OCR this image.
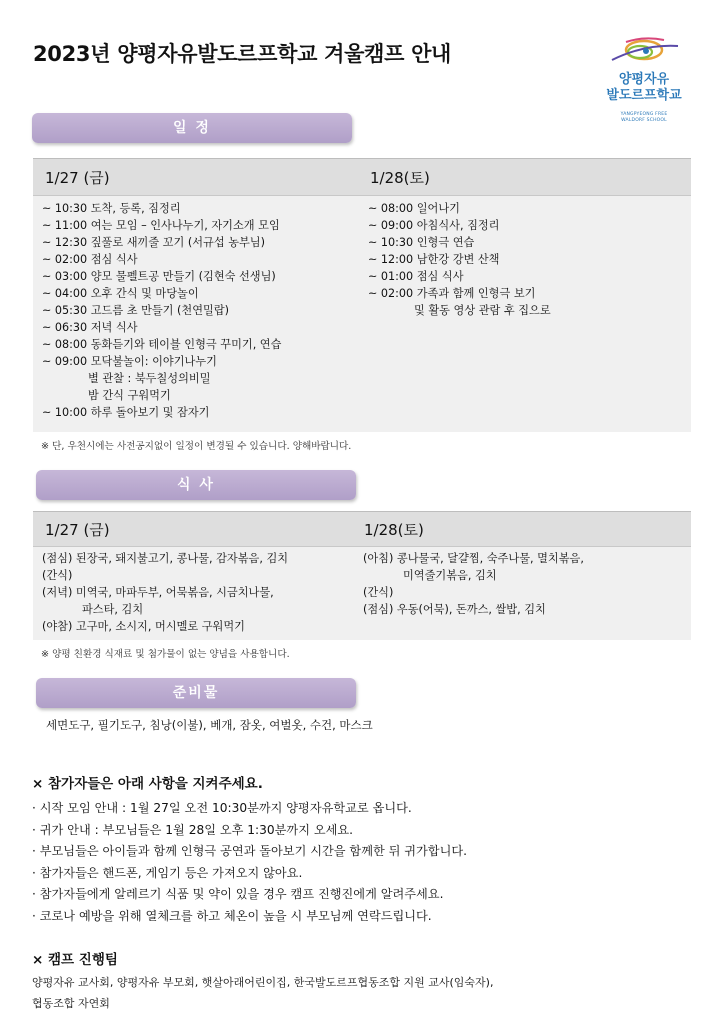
2023년 양평자유발도르프학교 겨울캠프 안내
양평자유
발도르프학교
YANGPYEONG FREE
WALDORF SCHOOL
일 정
1/27 (금)	1/28(토)
~ 10:30 도착, 등록, 짐정리
~ 11:00 여는 모임 – 인사나누기, 자기소개 모임
~ 12:30 짚풀로 새끼줄 꼬기 (서규섭 농부님)
~ 02:00 점심 식사
~ 03:00 양모 물펠트공 만들기 (김현숙 선생님)
~ 04:00 오후 간식 및 마당놀이
~ 05:30 고드름 초 만들기 (천연밀랍)
~ 06:30 저녁 식사
~ 08:00 동화듣기와 테이블 인형극 꾸미기, 연습
~ 09:00 모닥불놀이: 이야기나누기
별 관찰 : 북두칠성의비밀
밤 간식 구워먹기
~ 10:00 하루 돌아보기 및 잠자기
~ 08:00 일어나기
~ 09:00 아침식사, 짐정리
~ 10:30 인형극 연습
~ 12:00 남한강 강변 산책
~ 01:00 점심 식사
~ 02:00 가족과 함께 인형극 보기
및 활동 영상 관람 후 집으로
※ 단, 우천시에는 사전공지없이 일정이 변경될 수 있습니다. 양해바랍니다.
식 사
1/27 (금)	1/28(토)
(점심) 된장국, 돼지불고기, 콩나물, 감자볶음, 김치
(간식)
(저녁) 미역국, 마파두부, 어묵볶음, 시금치나물,
파스타, 김치
(야참) 고구마, 소시지, 머시멜로 구워먹기
(아침) 콩나물국, 달걀찜, 숙주나물, 멸치볶음,
미역줄기볶음, 김치
(간식)
(점심) 우동(어묵), 돈까스, 쌀밥, 김치
※ 양평 친환경 식재료 및 첨가물이 없는 양념을 사용합니다.
준비물
세면도구, 필기도구, 침낭(이불), 베개, 잠옷, 여벌옷, 수건, 마스크
× 참가자들은 아래 사항을 지켜주세요.
· 시작 모임 안내 : 1월 27일 오전 10:30분까지 양평자유학교로 옵니다.
· 귀가 안내 : 부모님들은 1월 28일 오후 1:30분까지 오세요.
· 부모님들은 아이들과 함께 인형극 공연과 돌아보기 시간을 함께한 뒤 귀가합니다.
· 참가자들은 핸드폰, 게임기 등은 가져오지 않아요.
· 참가자들에게 알레르기 식품 및 약이 있을 경우 캠프 진행진에게 알려주세요.
· 코로나 예방을 위해 열체크를 하고 체온이 높을 시 부모님께 연락드립니다.
× 캠프 진행팀
양평자유 교사회, 양평자유 부모회, 햇살아래어린이집, 한국발도르프협동조합 지원 교사(임숙자),
협동조합 자연회
